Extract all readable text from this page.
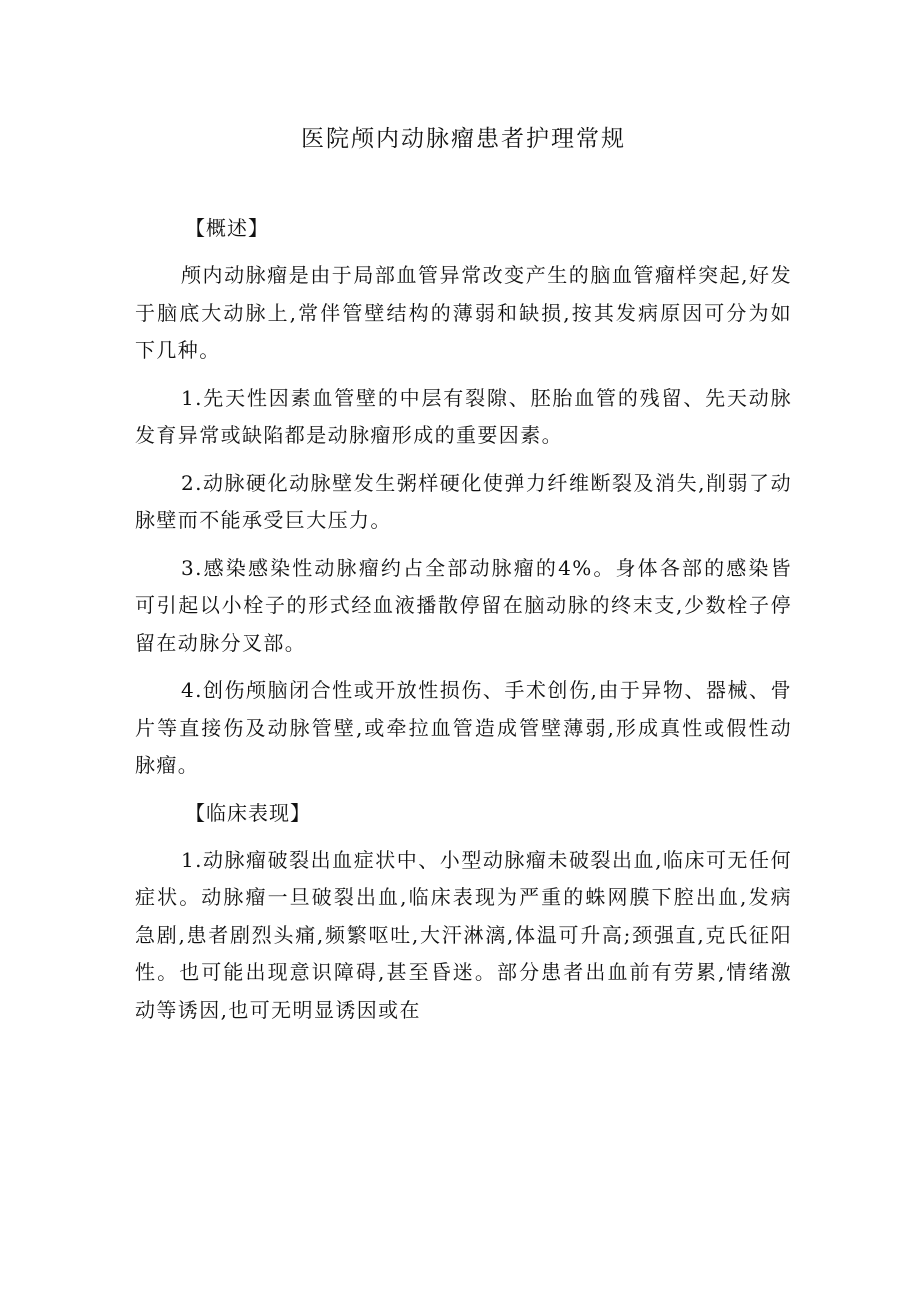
医院颅内动脉瘤患者护理常规

【概述】

颅内动脉瘤是由于局部血管异常改变产生的脑血管瘤样突起,好发于脑底大动脉上,常伴管壁结构的薄弱和缺损,按其发病原因可分为如下几种。

1.先天性因素血管壁的中层有裂隙、胚胎血管的残留、先天动脉发育异常或缺陷都是动脉瘤形成的重要因素。

2.动脉硬化动脉壁发生粥样硬化使弹力纤维断裂及消失,削弱了动脉壁而不能承受巨大压力。

3.感染感染性动脉瘤约占全部动脉瘤的4%。身体各部的感染皆可引起以小栓子的形式经血液播散停留在脑动脉的终末支,少数栓子停留在动脉分叉部。

4.创伤颅脑闭合性或开放性损伤、手术创伤,由于异物、器械、骨片等直接伤及动脉管壁,或牵拉血管造成管壁薄弱,形成真性或假性动脉瘤。

【临床表现】

1.动脉瘤破裂出血症状中、小型动脉瘤未破裂出血,临床可无任何症状。动脉瘤一旦破裂出血,临床表现为严重的蛛网膜下腔出血,发病急剧,患者剧烈头痛,频繁呕吐,大汗淋漓,体温可升高;颈强直,克氏征阳性。也可能出现意识障碍,甚至昏迷。部分患者出血前有劳累,情绪激动等诱因,也可无明显诱因或在
